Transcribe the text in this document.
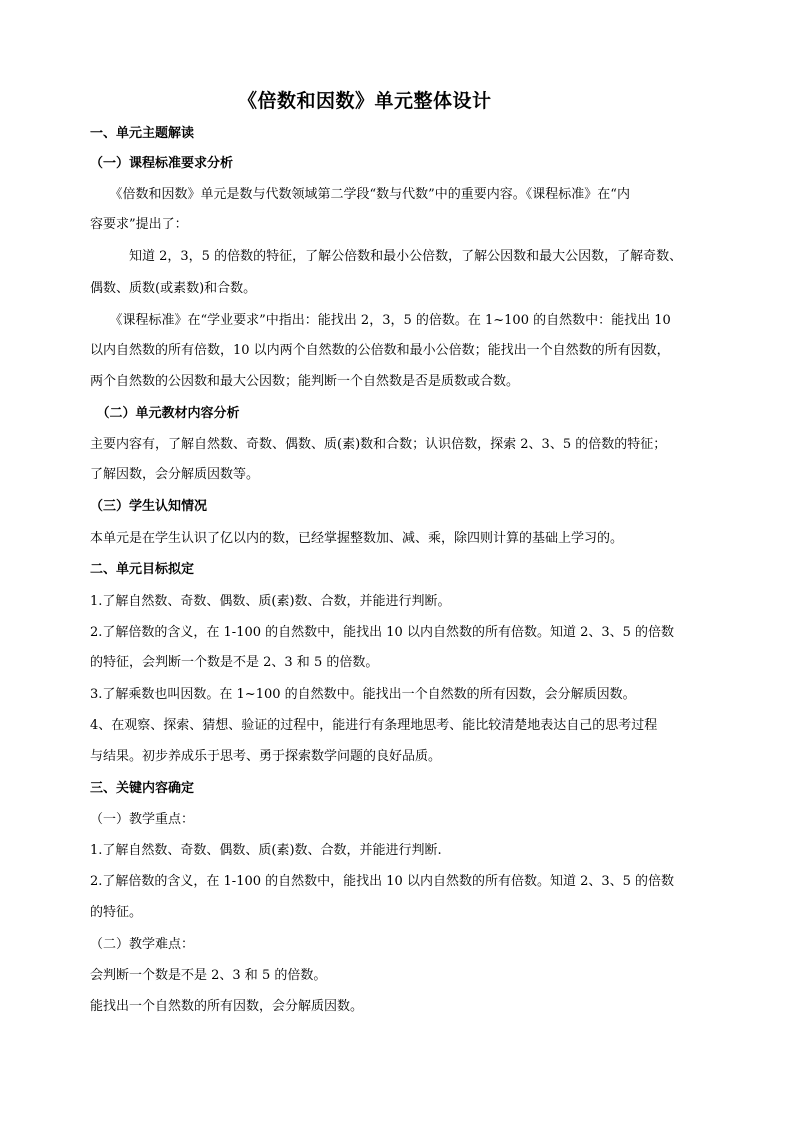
《倍数和因数》单元整体设计
一、单元主题解读
（一）课程标准要求分析
　　《倍数和因数》单元是数与代数领域第二学段“数与代数”中的重要内容。《课程标准》在“内
容要求”提出了：
　　　知道 2，3，5 的倍数的特征，了解公倍数和最小公倍数，了解公因数和最大公因数，了解奇数、
偶数、质数(或素数)和合数。
　　《课程标准》在“学业要求”中指出：能找出 2，3，5 的倍数。在 1~100 的自然数中：能找出 10
以内自然数的所有倍数，10 以内两个自然数的公倍数和最小公倍数；能找出一个自然数的所有因数，
两个自然数的公因数和最大公因数；能判断一个自然数是否是质数或合数。
　（二）单元教材内容分析
主要内容有，了解自然数、奇数、偶数、质(素)数和合数；认识倍数，探索 2、3、5 的倍数的特征；
了解因数，会分解质因数等。
（三）学生认知情况
本单元是在学生认识了亿以内的数，已经掌握整数加、减、乘，除四则计算的基础上学习的。
二、单元目标拟定
1.了解自然数、奇数、偶数、质(素)数、合数，并能进行判断。
2.了解倍数的含义，在 1-100 的自然数中，能找出 10 以内自然数的所有倍数。知道 2、3、5 的倍数
的特征，会判断一个数是不是 2、3 和 5 的倍数。
3.了解乘数也叫因数。在 1~100 的自然数中。能找出一个自然数的所有因数，会分解质因数。
4、在观察、探索、猜想、验证的过程中，能进行有条理地思考、能比较清楚地表达自己的思考过程
与结果。初步养成乐于思考、勇于探索数学问题的良好品质。
三、关键内容确定
（一）教学重点：
1.了解自然数、奇数、偶数、质(素)数、合数，并能进行判断.
2.了解倍数的含义，在 1-100 的自然数中，能找出 10 以内自然数的所有倍数。知道 2、3、5 的倍数
的特征。
（二）教学难点：
会判断一个数是不是 2、3 和 5 的倍数。
能找出一个自然数的所有因数，会分解质因数。
